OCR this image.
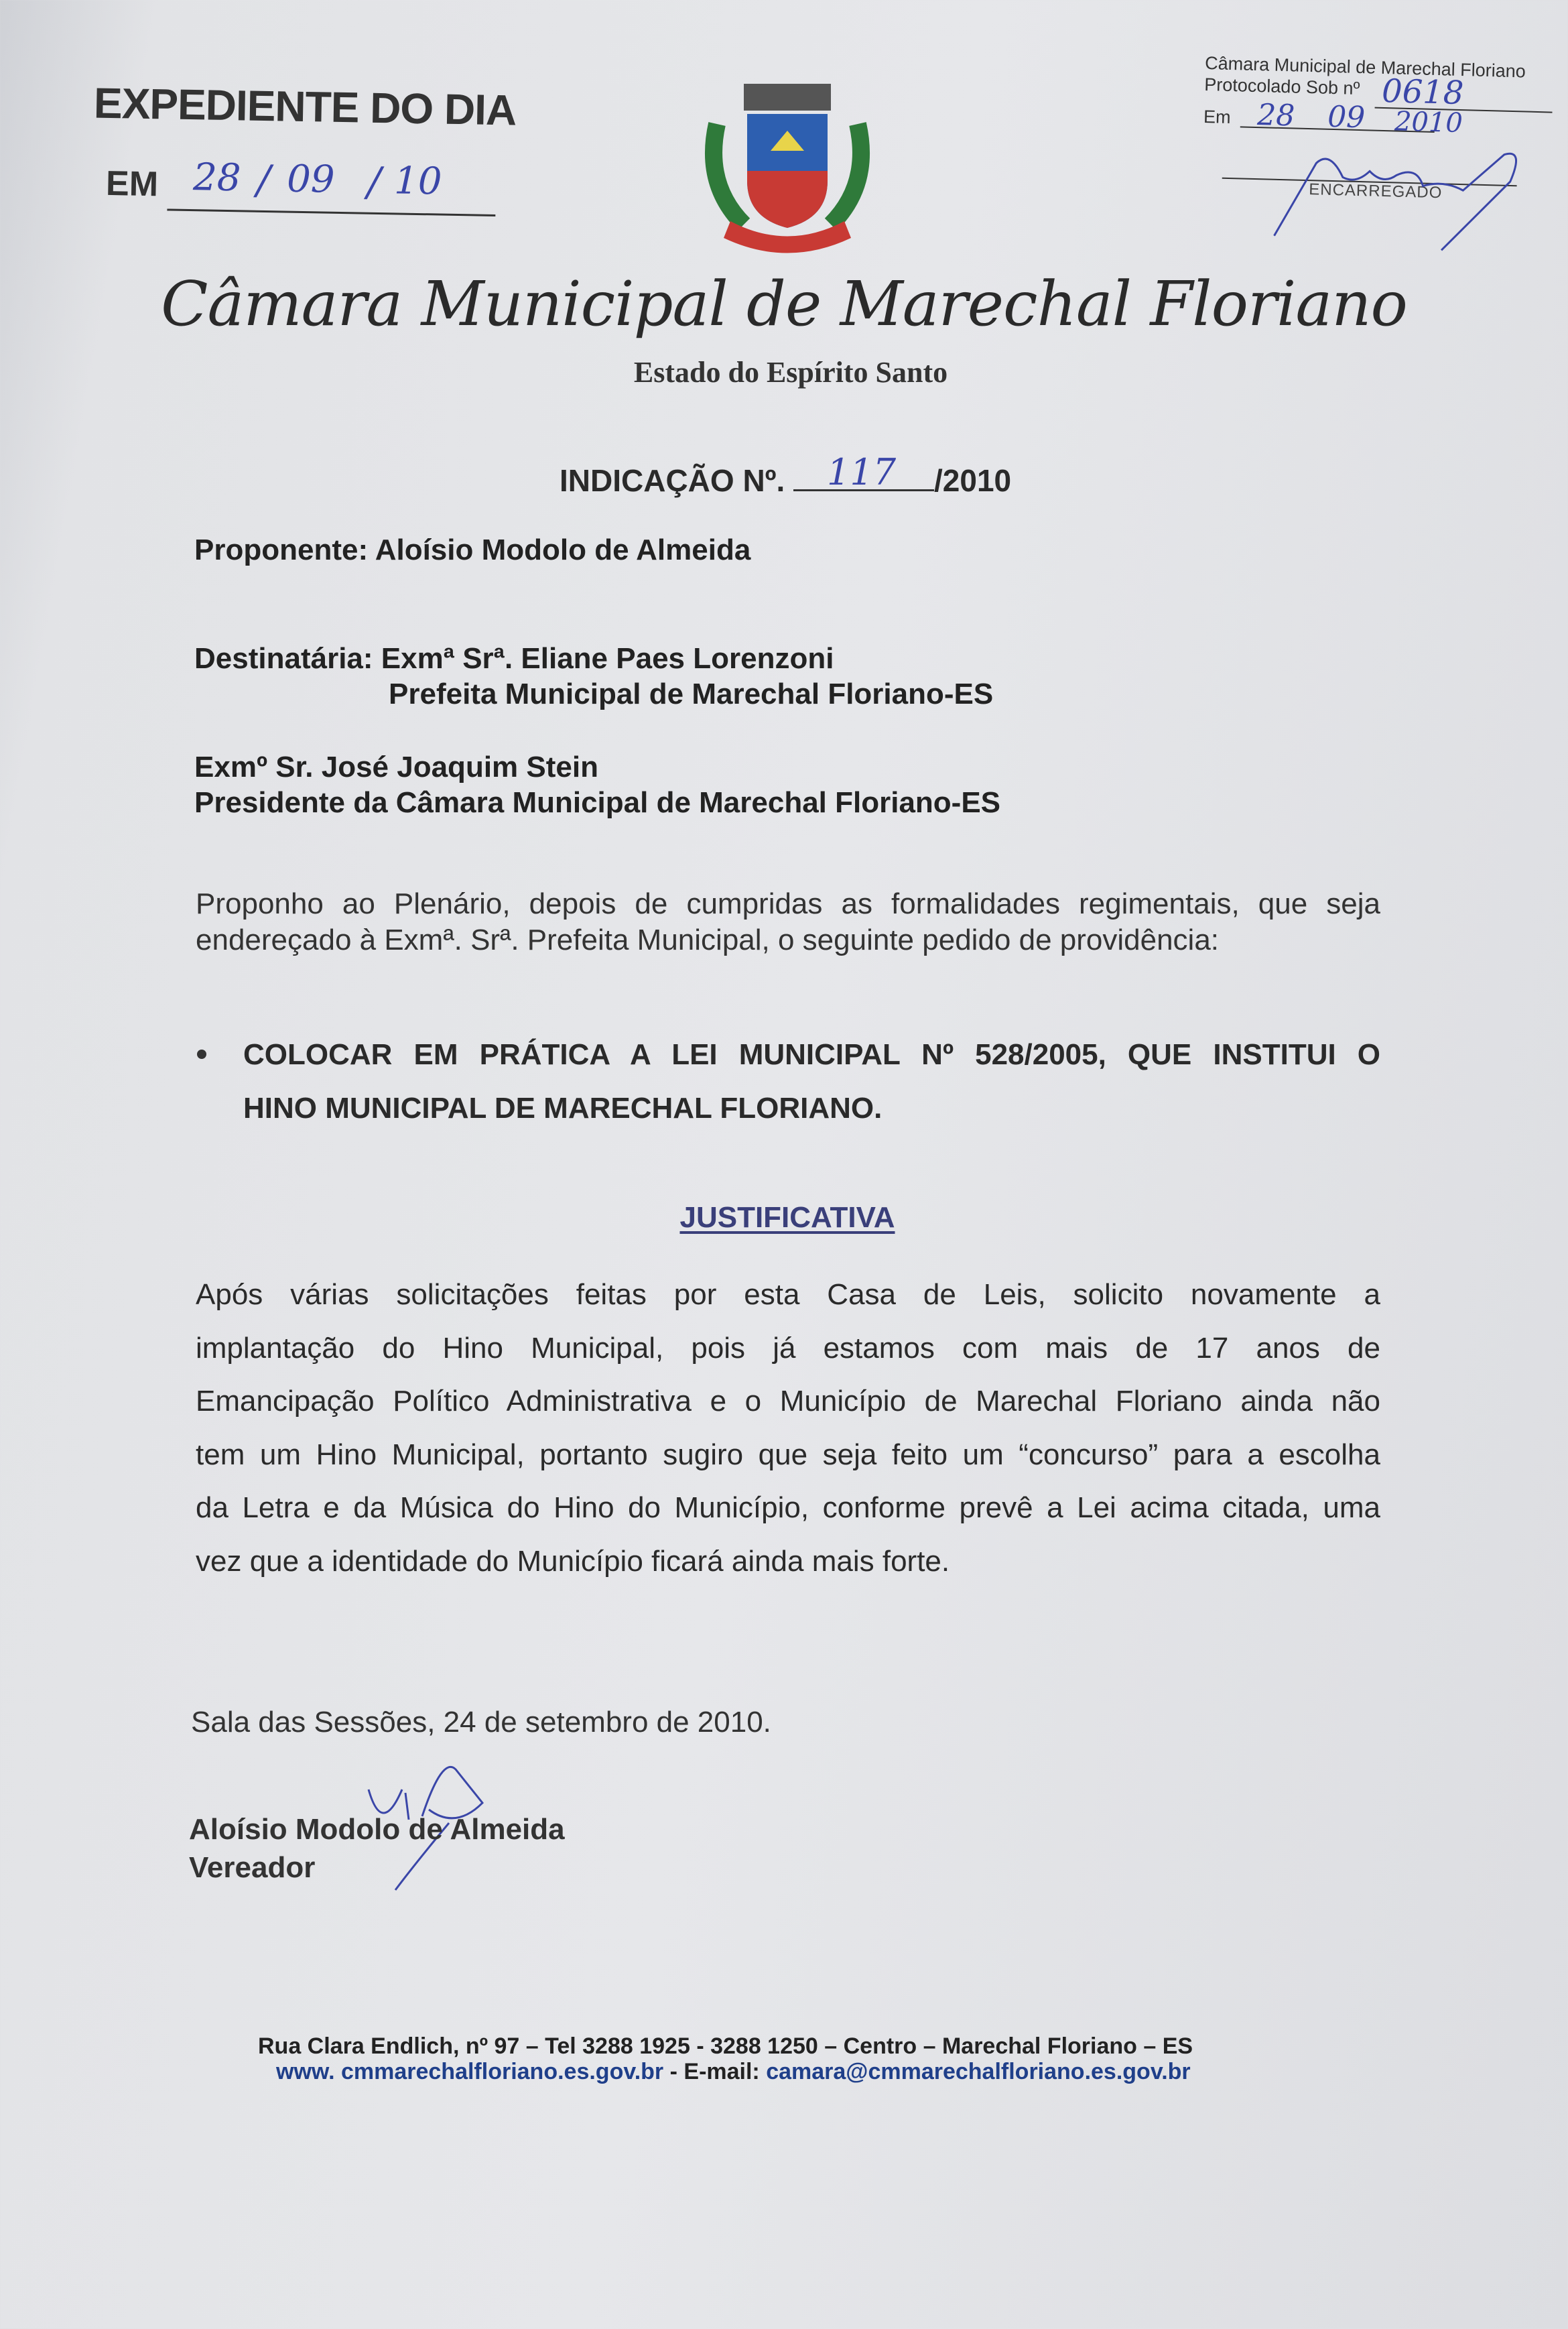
EXPEDIENTE DO DIA
EM 28 / 09 / 10
Câmara Municipal de Marechal Floriano
Protocolado Sob nº 0618
Em 28 09 2010
ENCARREGADO
Câmara Municipal de Marechal Floriano
Estado do Espírito Santo
INDICAÇÃO Nº. 117 /2010
Proponente: Aloísio Modolo de Almeida
Destinatária: Exmª Srª. Eliane Paes Lorenzoni
Prefeita Municipal de Marechal Floriano-ES
Exmº Sr. José Joaquim Stein
Presidente da Câmara Municipal de Marechal Floriano-ES
Proponho ao Plenário, depois de cumpridas as formalidades regimentais, que seja
endereçado à Exmª. Srª. Prefeita Municipal, o seguinte pedido de providência:
COLOCAR EM PRÁTICA A LEI MUNICIPAL Nº 528/2005, QUE INSTITUI O
HINO MUNICIPAL DE MARECHAL FLORIANO.
JUSTIFICATIVA
Após várias solicitações feitas por esta Casa de Leis, solicito novamente a
implantação do Hino Municipal, pois já estamos com mais de 17 anos de
Emancipação Político Administrativa e o Município de Marechal Floriano ainda não
tem um Hino Municipal, portanto sugiro que seja feito um “concurso” para a escolha
da Letra e da Música do Hino do Município, conforme prevê a Lei acima citada, uma
vez que a identidade do Município ficará ainda mais forte.
Sala das Sessões, 24 de setembro de 2010.
Aloísio Modolo de Almeida
Vereador
Rua Clara Endlich, nº 97 – Tel 3288 1925 - 3288 1250 – Centro – Marechal Floriano – ES
www. cmmarechalfloriano.es.gov.br - E-mail: camara@cmmarechalfloriano.es.gov.br
